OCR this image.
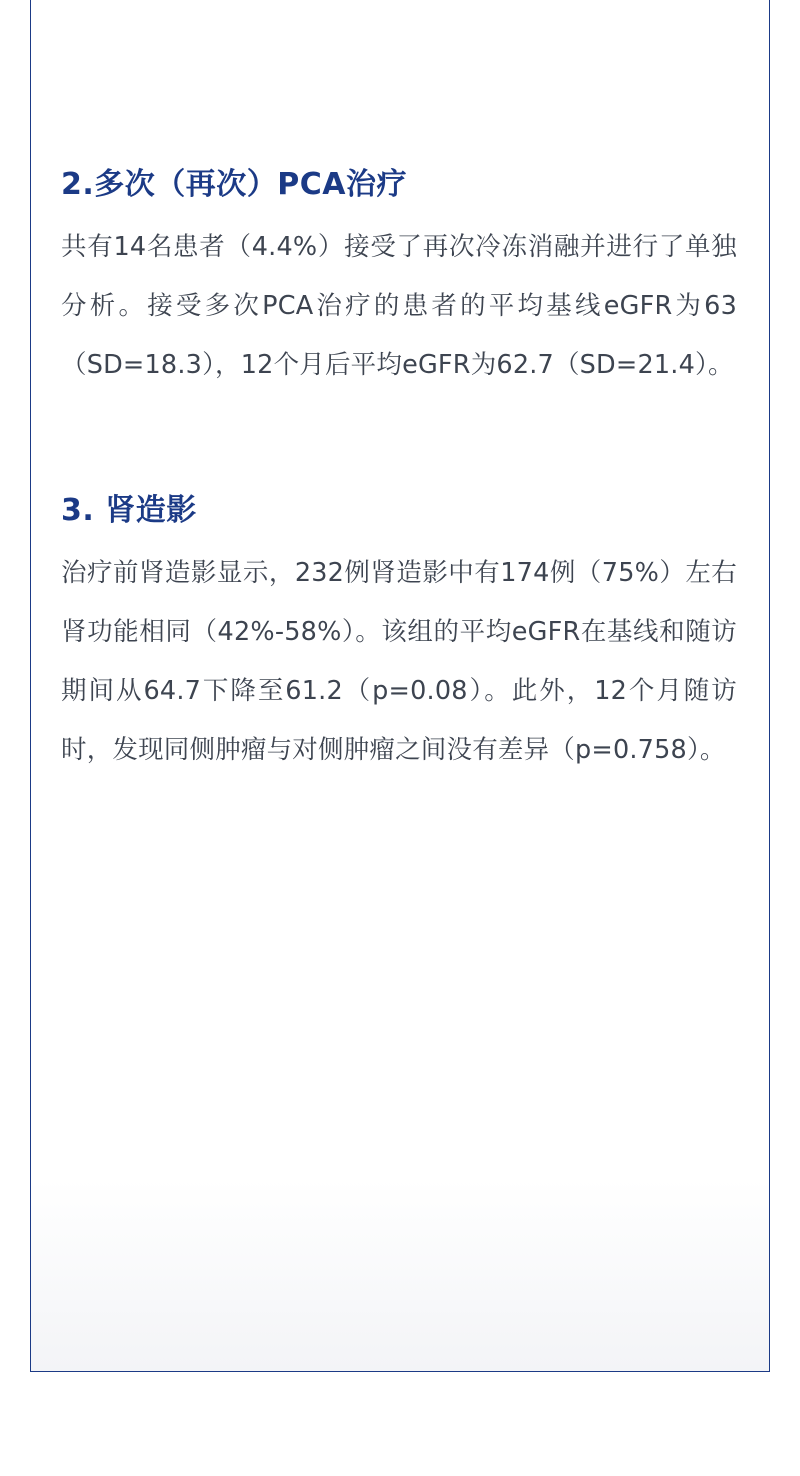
2.多次（再次）PCA治疗

共有14名患者（4.4%）接受了再次冷冻消融并进行了单独分析。接受多次PCA治疗的患者的平均基线eGFR为63（SD=18.3），12个月后平均eGFR为62.7（SD=21.4）。

3. 肾造影

治疗前肾造影显示，232例肾造影中有174例（75%）左右肾功能相同（42%-58%）。该组的平均eGFR在基线和随访期间从64.7下降至61.2（p=0.08）。此外，12个月随访时，发现同侧肿瘤与对侧肿瘤之间没有差异（p=0.758）。
